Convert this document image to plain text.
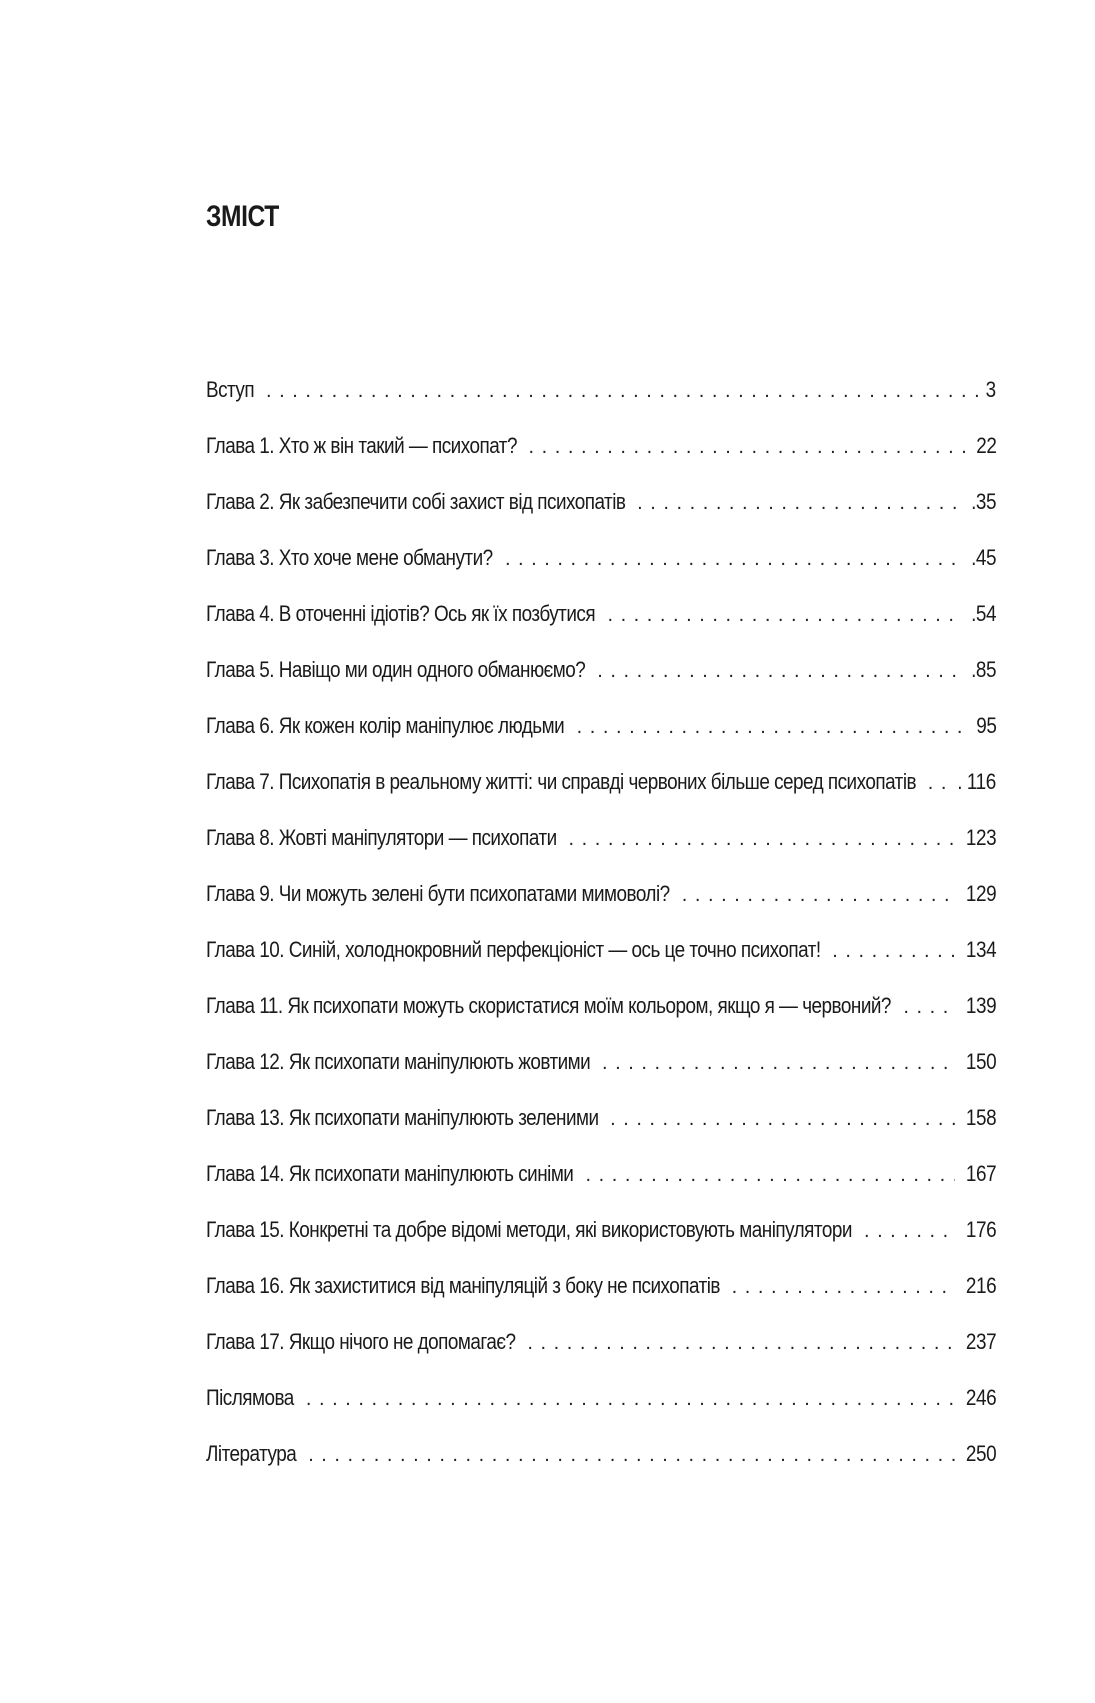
ЗМІСТ
Вступ . . .	3
Глава 1. Хто ж він такий — психопат? . . .	22
Глава 2. Як забезпечити собі захист від психопатів . . .	.35
Глава 3. Хто хоче мене обманути? . . .	.45
Глава 4. В оточенні ідіотів? Ось як їх позбутися . . .	.54
Глава 5. Навіщо ми один одного обманюємо? . . .	.85
Глава 6. Як кожен колір маніпулює людьми . . .	95
Глава 7. Психопатія в реальному житті: чи справді червоних більше серед психопатів . . . . 116
Глава 8. Жовті маніпулятори — психопати . . .	123
Глава 9. Чи можуть зелені бути психопатами мимоволі? . . .	129
Глава 10. Синій, холоднокровний перфекціоніст — ось це точно психопат! . . .	134
Глава 11. Як психопати можуть скористатися моїм кольором, якщо я — червоний? . . .	139
Глава 12. Як психопати маніпулюють жовтими . . .	150
Глава 13. Як психопати маніпулюють зеленими . . .	158
Глава 14. Як психопати маніпулюють синіми . . .	167
Глава 15. Конкретні та добре відомі методи, які використовують маніпулятори . . .	176
Глава 16. Як захиститися від маніпуляцій з боку не психопатів . . .	216
Глава 17. Якщо нічого не допомагає? . . .	237
Післямова . . .	246
Література . . .	250
